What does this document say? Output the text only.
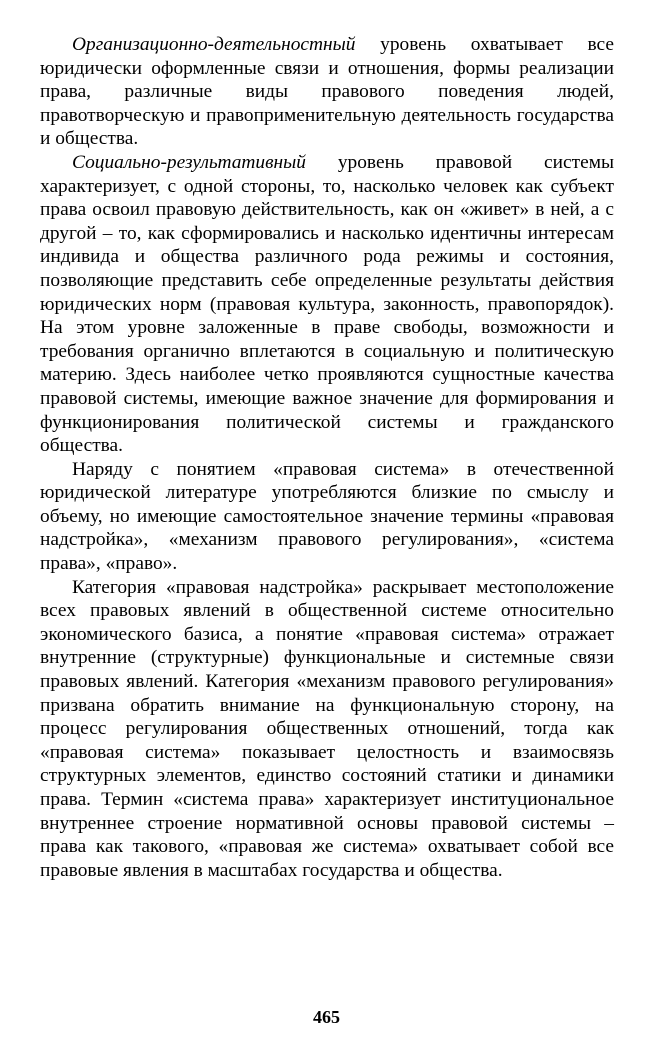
Организационно-деятельностный уровень охватывает все юридически оформленные связи и отношения, формы реализации права, различные виды правового поведения людей, правотворческую и правоприменительную деятельность государства и общества.

Социально-результативный уровень правовой системы характеризует, с одной стороны, то, насколько человек как субъект права освоил правовую действительность, как он «живет» в ней, а с другой – то, как сформировались и насколько идентичны интересам индивида и общества различного рода режимы и состояния, позволяющие представить себе определенные результаты действия юридических норм (правовая культура, законность, правопорядок). На этом уровне заложенные в праве свободы, возможности и требования органично вплетаются в социальную и политическую материю. Здесь наиболее четко проявляются сущностные качества правовой системы, имеющие важное значение для формирования и функционирования политической системы и гражданского общества.

Наряду с понятием «правовая система» в отечественной юридической литературе употребляются близкие по смыслу и объему, но имеющие самостоятельное значение термины «правовая надстройка», «механизм правового регулирования», «система права», «право».

Категория «правовая надстройка» раскрывает местоположение всех правовых явлений в общественной системе относительно экономического базиса, а понятие «правовая система» отражает внутренние (структурные) функциональные и системные связи правовых явлений. Категория «механизм правового регулирования» призвана обратить внимание на функциональную сторону, на процесс регулирования общественных отношений, тогда как «правовая система» показывает целостность и взаимосвязь структурных элементов, единство состояний статики и динамики права. Термин «система права» характеризует институциональное внутреннее строение нормативной основы правовой системы – права как такового, «правовая же система» охватывает собой все правовые явления в масштабах государства и общества.

465
